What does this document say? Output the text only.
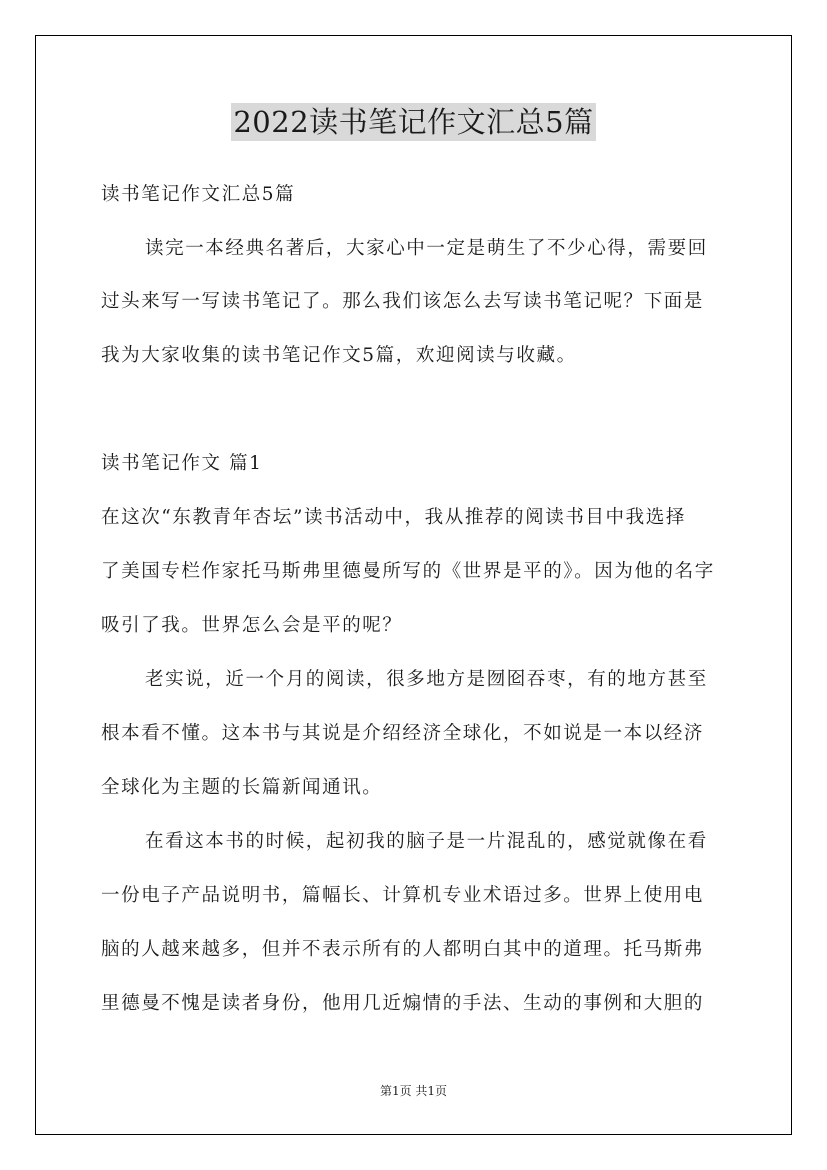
2022读书笔记作文汇总5篇
读书笔记作文汇总5篇
读完一本经典名著后，大家心中一定是萌生了不少心得，需要回
过头来写一写读书笔记了。那么我们该怎么去写读书笔记呢？下面是
我为大家收集的读书笔记作文5篇，欢迎阅读与收藏。
读书笔记作文 篇1
在这次“东教青年杏坛”读书活动中，我从推荐的阅读书目中我选择
了美国专栏作家托马斯弗里德曼所写的《世界是平的》。因为他的名字
吸引了我。世界怎么会是平的呢？
老实说，近一个月的阅读，很多地方是囫囵吞枣，有的地方甚至
根本看不懂。这本书与其说是介绍经济全球化，不如说是一本以经济
全球化为主题的长篇新闻通讯。
在看这本书的时候，起初我的脑子是一片混乱的，感觉就像在看
一份电子产品说明书，篇幅长、计算机专业术语过多。世界上使用电
脑的人越来越多，但并不表示所有的人都明白其中的道理。托马斯弗
里德曼不愧是读者身份，他用几近煽情的手法、生动的事例和大胆的
第1页 共1页
